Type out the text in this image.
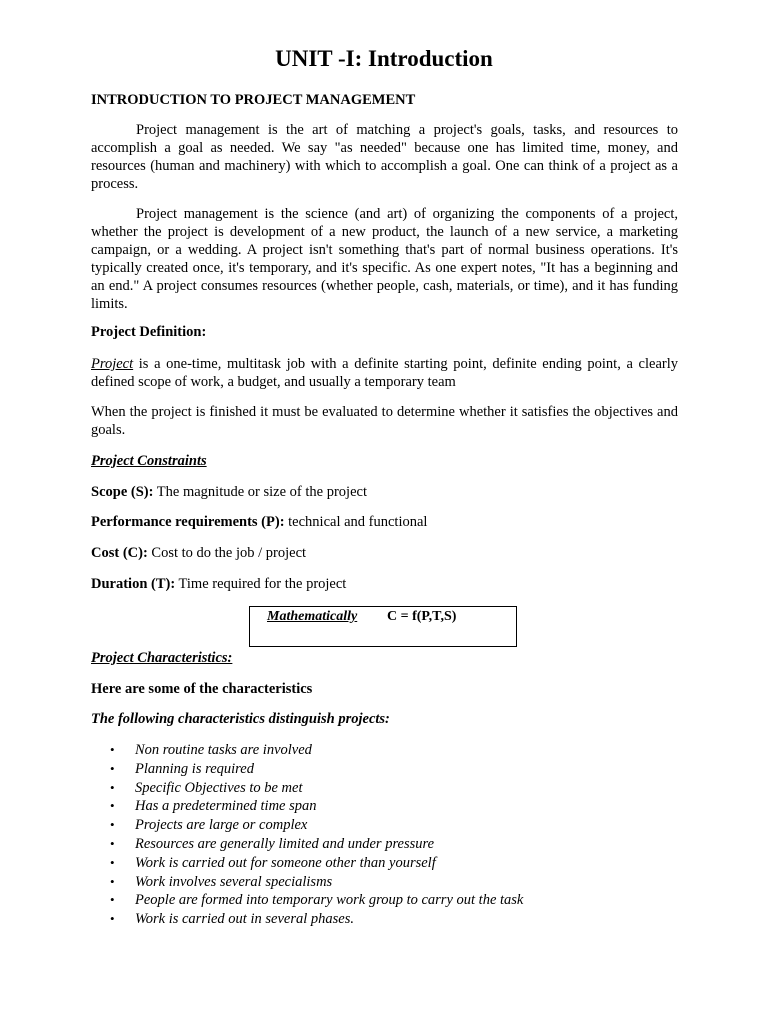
UNIT -I: Introduction
INTRODUCTION TO PROJECT MANAGEMENT

Project management is the art of matching a project's goals, tasks, and resources to accomplish a goal as needed. We say "as needed" because one has limited time, money, and resources (human and machinery) with which to accomplish a goal. One can think of a project as a process.

Project management is the science (and art) of organizing the components of a project, whether the project is development of a new product, the launch of a new service, a marketing campaign, or a wedding. A project isn't something that's part of normal business operations. It's typically created once, it's temporary, and it's specific. As one expert notes, "It has a beginning and an end." A project consumes resources (whether people, cash, materials, or time), and it has funding limits.

Project Definition:

Project is a one-time, multitask job with a definite starting point, definite ending point, a clearly defined scope of work, a budget, and usually a temporary team

When the project is finished it must be evaluated to determine whether it satisfies the objectives and goals.

Project Constraints
Scope (S): The magnitude or size of the project
Performance requirements (P): technical and functional
Cost (C): Cost to do the job / project
Duration (T): Time required for the project
Mathematically C = f(P,T,S)
Project Characteristics:
Here are some of the characteristics
The following characteristics distinguish projects:
• Non routine tasks are involved
• Planning is required
• Specific Objectives to be met
• Has a predetermined time span
• Projects are large or complex
• Resources are generally limited and under pressure
• Work is carried out for someone other than yourself
• Work involves several specialisms
• People are formed into temporary work group to carry out the task
• Work is carried out in several phases.
